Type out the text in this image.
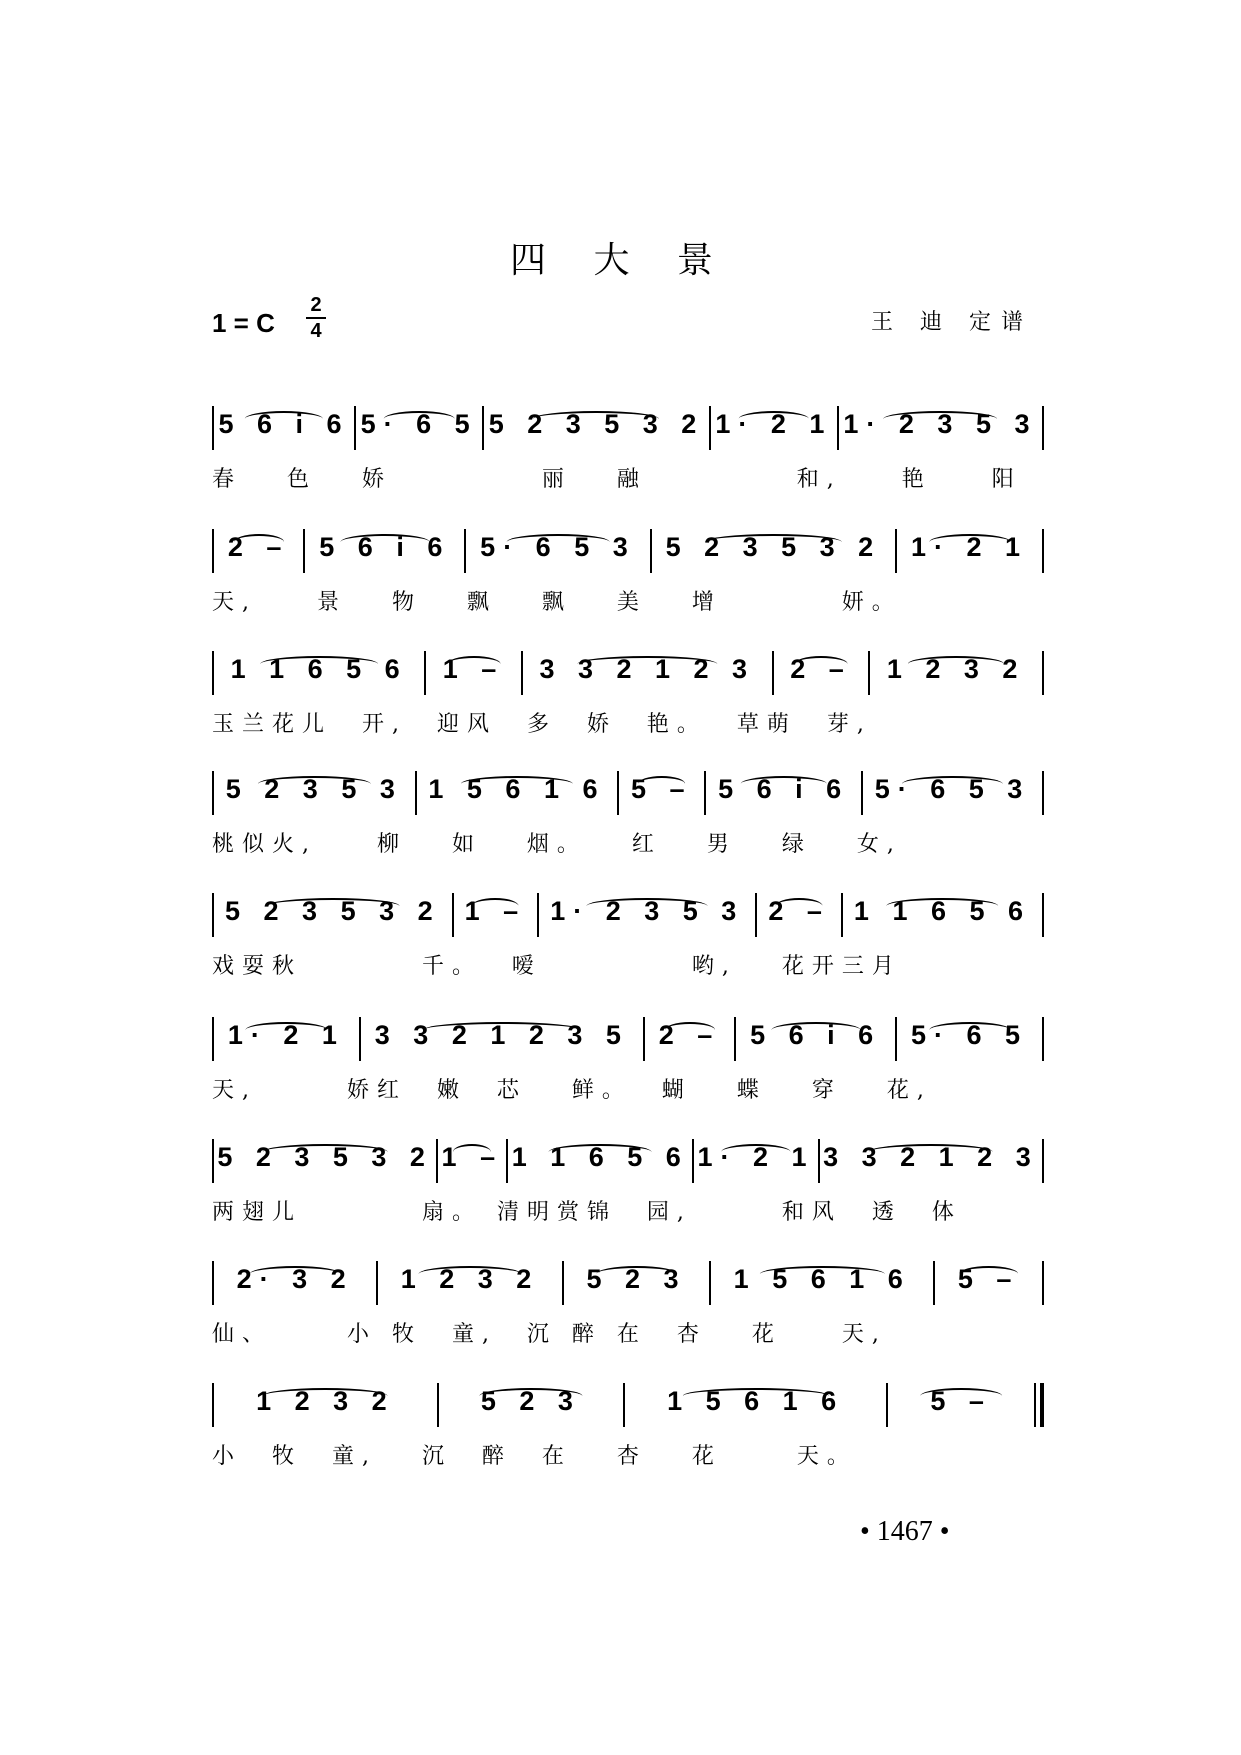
四 大 景
1 = C
2
4	王 迪 定谱
5 6 i 6 5· 6 5 5 2 3 5 3 2 1· 2 1 1· 2 3 5 3
春   色   娇          丽   融          和,    艳    阳
2 –	5 6 i 6	5· 6 5 3	5 2 3 5 3 2	1· 2 1
天,    景   物   飘   飘   美   增        妍。
1 1 6 5 6	1 –	3 3 2 1 2 3	2 –	1 2 3 2
玉兰花儿  开,  迎风  多  娇  艳。  草萌  芽,
5 2 3 5 3 1 5 6 1 6 5 – 5 6 i 6 5· 6 5 3
桃似火,    柳   如   烟。   红   男   绿   女,
5 2 3 5 3 2 1 – 1· 2 3 5 3 2 – 1 1 6 5 6
戏耍秋        千。  嗳          哟,   花开三月
1· 2 1	3 3 2 1 2 3 5	2 –	5 6 i 6	5· 6 5
天,      娇红  嫩  芯   鲜。  蝴   蝶   穿   花,
5 2 3 5 3 2 1 – 1 1 6 5 6 1· 2 1 3 3 2 1 2 3
两翅儿        扇。 清明赏锦  园,      和风  透  体
2· 3 2	1 2 3 2	5 2 3	1 5 6 1 6	5 –
仙、     小 牧  童,  沉 醉 在  杏   花    天,
1 2 3 2	5 2 3	1 5 6 1 6	5 –
小  牧  童,   沉  醉  在   杏   花     天。
• 1467 •
